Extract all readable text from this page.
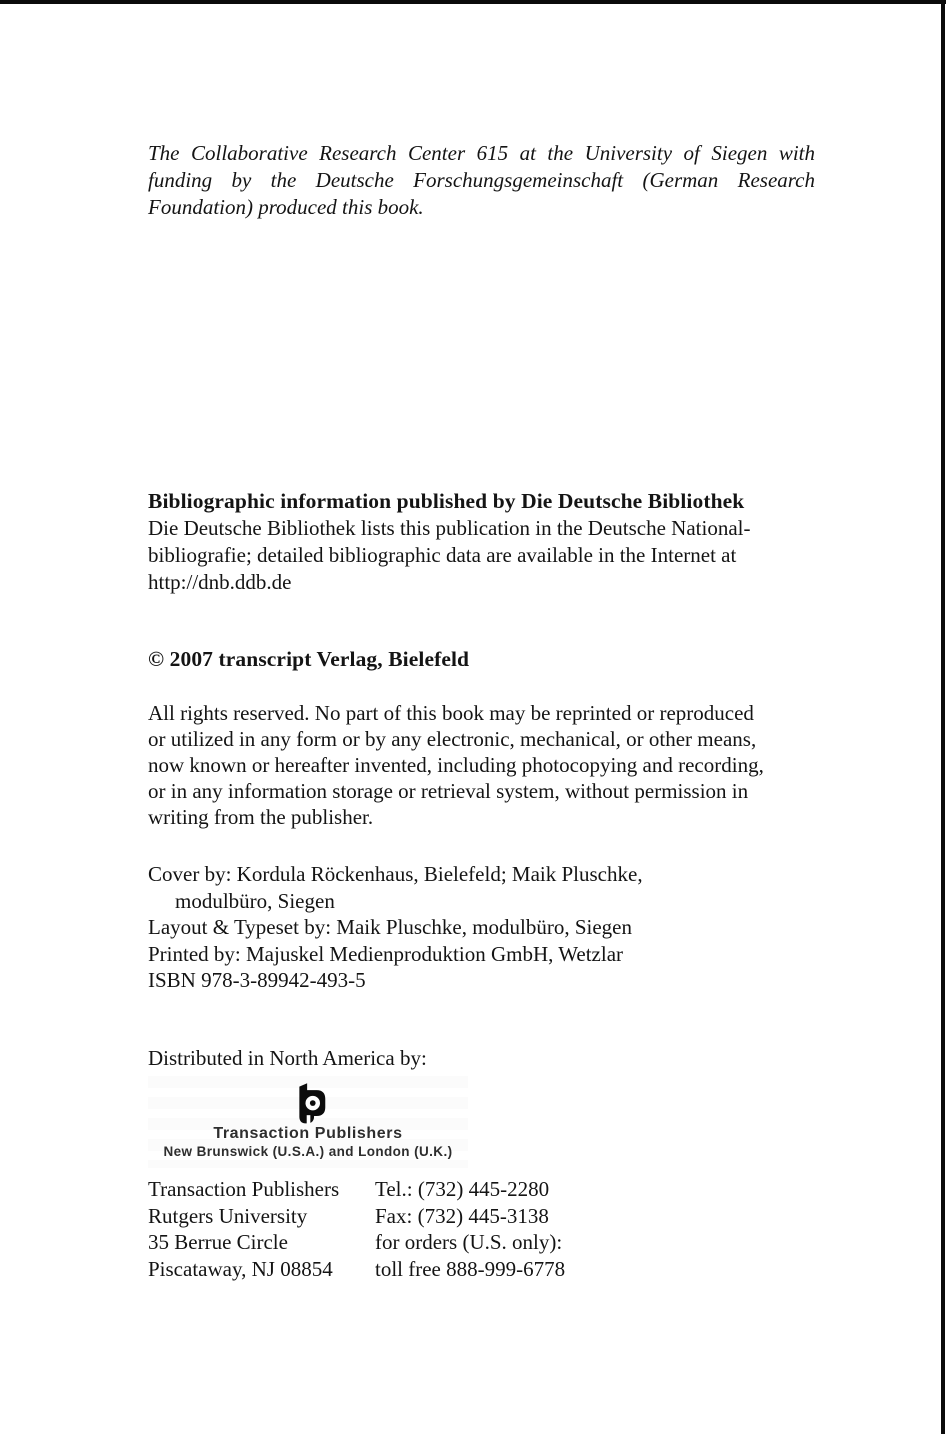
The Collaborative Research Center 615 at the University of Siegen with
funding by the Deutsche Forschungsgemeinschaft (German Research
Foundation) produced this book.
Bibliographic information published by Die Deutsche Bibliothek
Die Deutsche Bibliothek lists this publication in the Deutsche National-
bibliografie; detailed bibliographic data are available in the Internet at
http://dnb.ddb.de
© 2007 transcript Verlag, Bielefeld
All rights reserved. No part of this book may be reprinted or reproduced
or utilized in any form or by any electronic, mechanical, or other means,
now known or hereafter invented, including photocopying and recording,
or in any information storage or retrieval system, without permission in
writing from the publisher.
Cover by: Kordula Röckenhaus, Bielefeld; Maik Pluschke,
modulbüro, Siegen
Layout & Typeset by: Maik Pluschke, modulbüro, Siegen
Printed by: Majuskel Medienproduktion GmbH, Wetzlar
ISBN 978-3-89942-493-5
Distributed in North America by:
Transaction Publishers
New Brunswick (U.S.A.) and London (U.K.)
Transaction Publishers	Tel.: (732) 445-2280
Rutgers University	Fax: (732) 445-3138
35 Berrue Circle	for orders (U.S. only):
Piscataway, NJ 08854	toll free 888-999-6778
